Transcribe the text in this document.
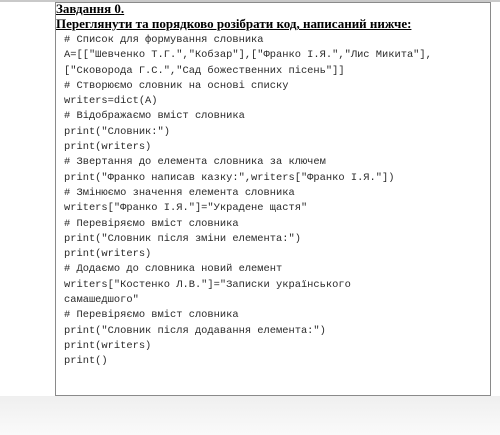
Завдання 0.
Переглянути та порядково розібрати код, написаний нижче:
# Список для формування словника
A=[["Шевченко Т.Г.","Кобзар"],["Франко І.Я.","Лис Микита"],
["Сковорода Г.С.","Сад божественних пісень"]]
# Створюємо словник на основі списку
writers=dict(A)
# Відображаємо вміст словника
print("Словник:")
print(writers)
# Звертання до елемента словника за ключем
print("Франко написав казку:",writers["Франко І.Я."])
# Змінюємо значення елемента словника
writers["Франко І.Я."]="Украдене щастя"
# Перевіряємо вміст словника
print("Словник після зміни елемента:")
print(writers)
# Додаємо до словника новий елемент
writers["Костенко Л.В."]="Записки українського
самашедшого"
# Перевіряємо вміст словника
print("Словник після додавання елемента:")
print(writers)
print()
